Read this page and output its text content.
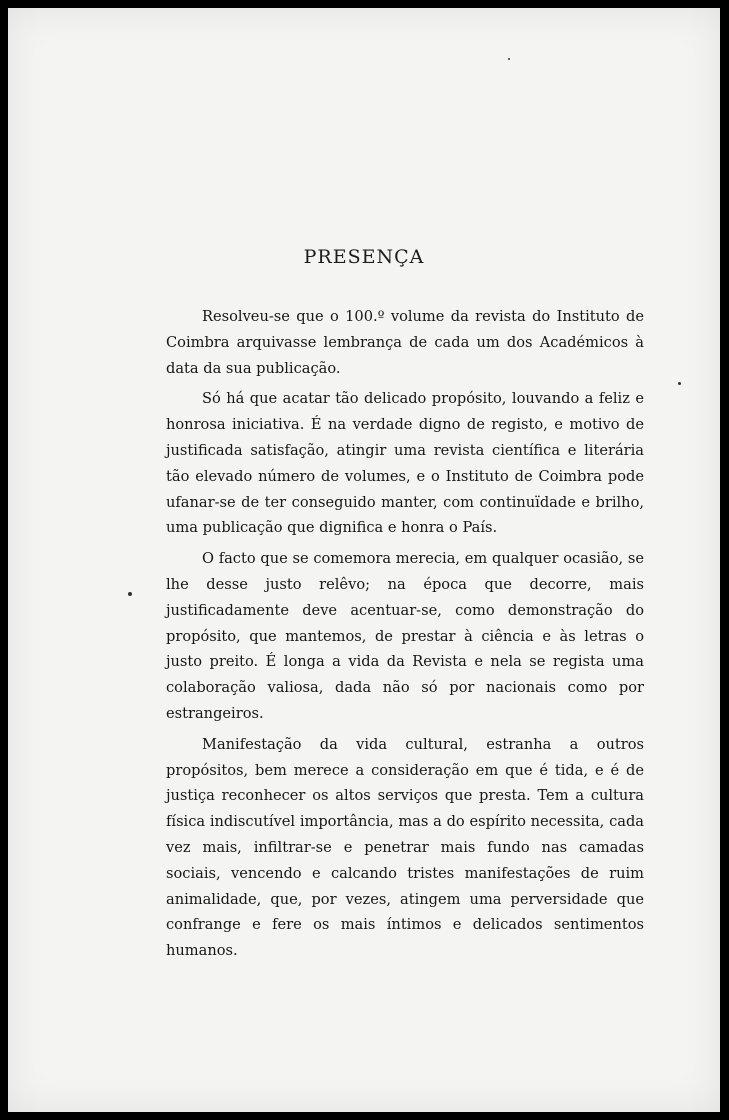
PRESENÇA

Resolveu-se que o 100.º volume da revista do Instituto de Coimbra arquivasse lembrança de cada um dos Académicos à data da sua publicação.

Só há que acatar tão delicado propósito, louvando a feliz e honrosa iniciativa. É na verdade digno de registo, e motivo de justificada satisfação, atingir uma revista científica e literária tão elevado número de volumes, e o Instituto de Coimbra pode ufanar-se de ter conseguido manter, com continuïdade e brilho, uma publicação que dignifica e honra o País.

O facto que se comemora merecia, em qualquer ocasião, se lhe desse justo relêvo; na época que decorre, mais justificadamente deve acentuar-se, como demonstração do propósito, que mantemos, de prestar à ciência e às letras o justo preito. É longa a vida da Revista e nela se regista uma colaboração valiosa, dada não só por nacionais como por estrangeiros.

Manifestação da vida cultural, estranha a outros propósitos, bem merece a consideração em que é tida, e é de justiça reconhecer os altos serviços que presta. Tem a cultura física indiscutível importância, mas a do espírito necessita, cada vez mais, infiltrar-se e penetrar mais fundo nas camadas sociais, vencendo e calcando tristes manifestações de ruim animalidade, que, por vezes, atingem uma perversidade que confrange e fere os mais íntimos e delicados sentimentos humanos.
